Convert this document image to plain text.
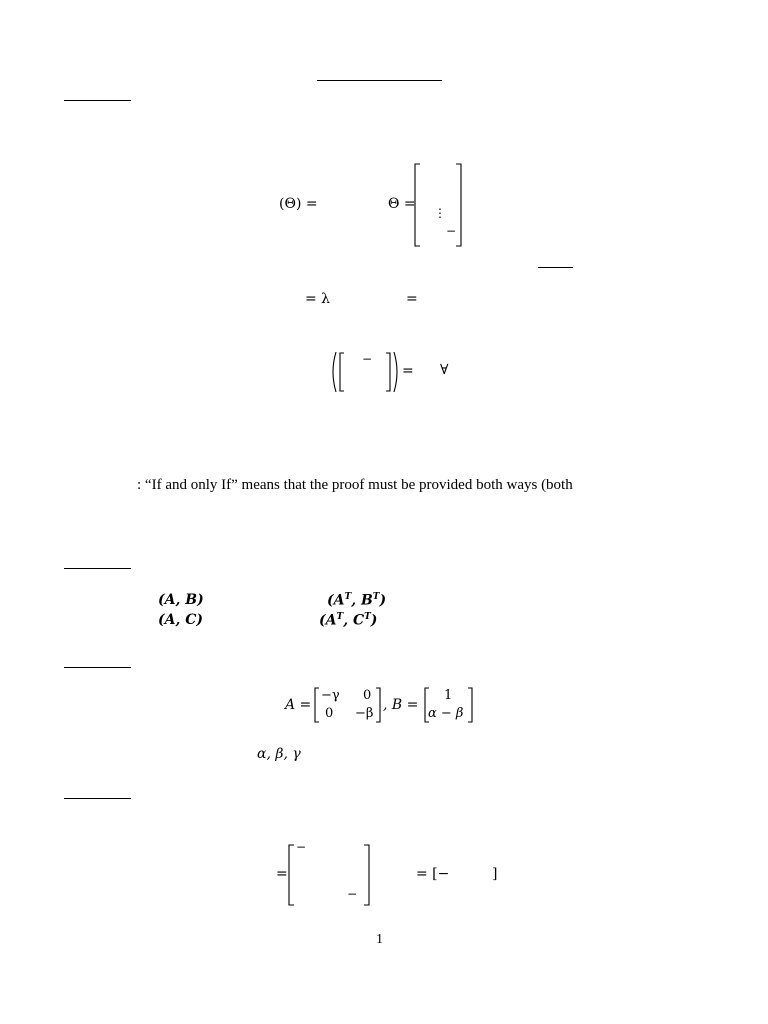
(Θ) =	Θ =
⋮
−
= λ	=
−
= ∀
: “If and only If” means that the proof must be provided both ways (both
(A, B)	($A^T$, $B^T$)
(A, C)	($A^T$, $C^T$)
A =
−γ 0
0 −β
, B =
1
α − β
α, β, γ
=
−
−
= [−	]
1
